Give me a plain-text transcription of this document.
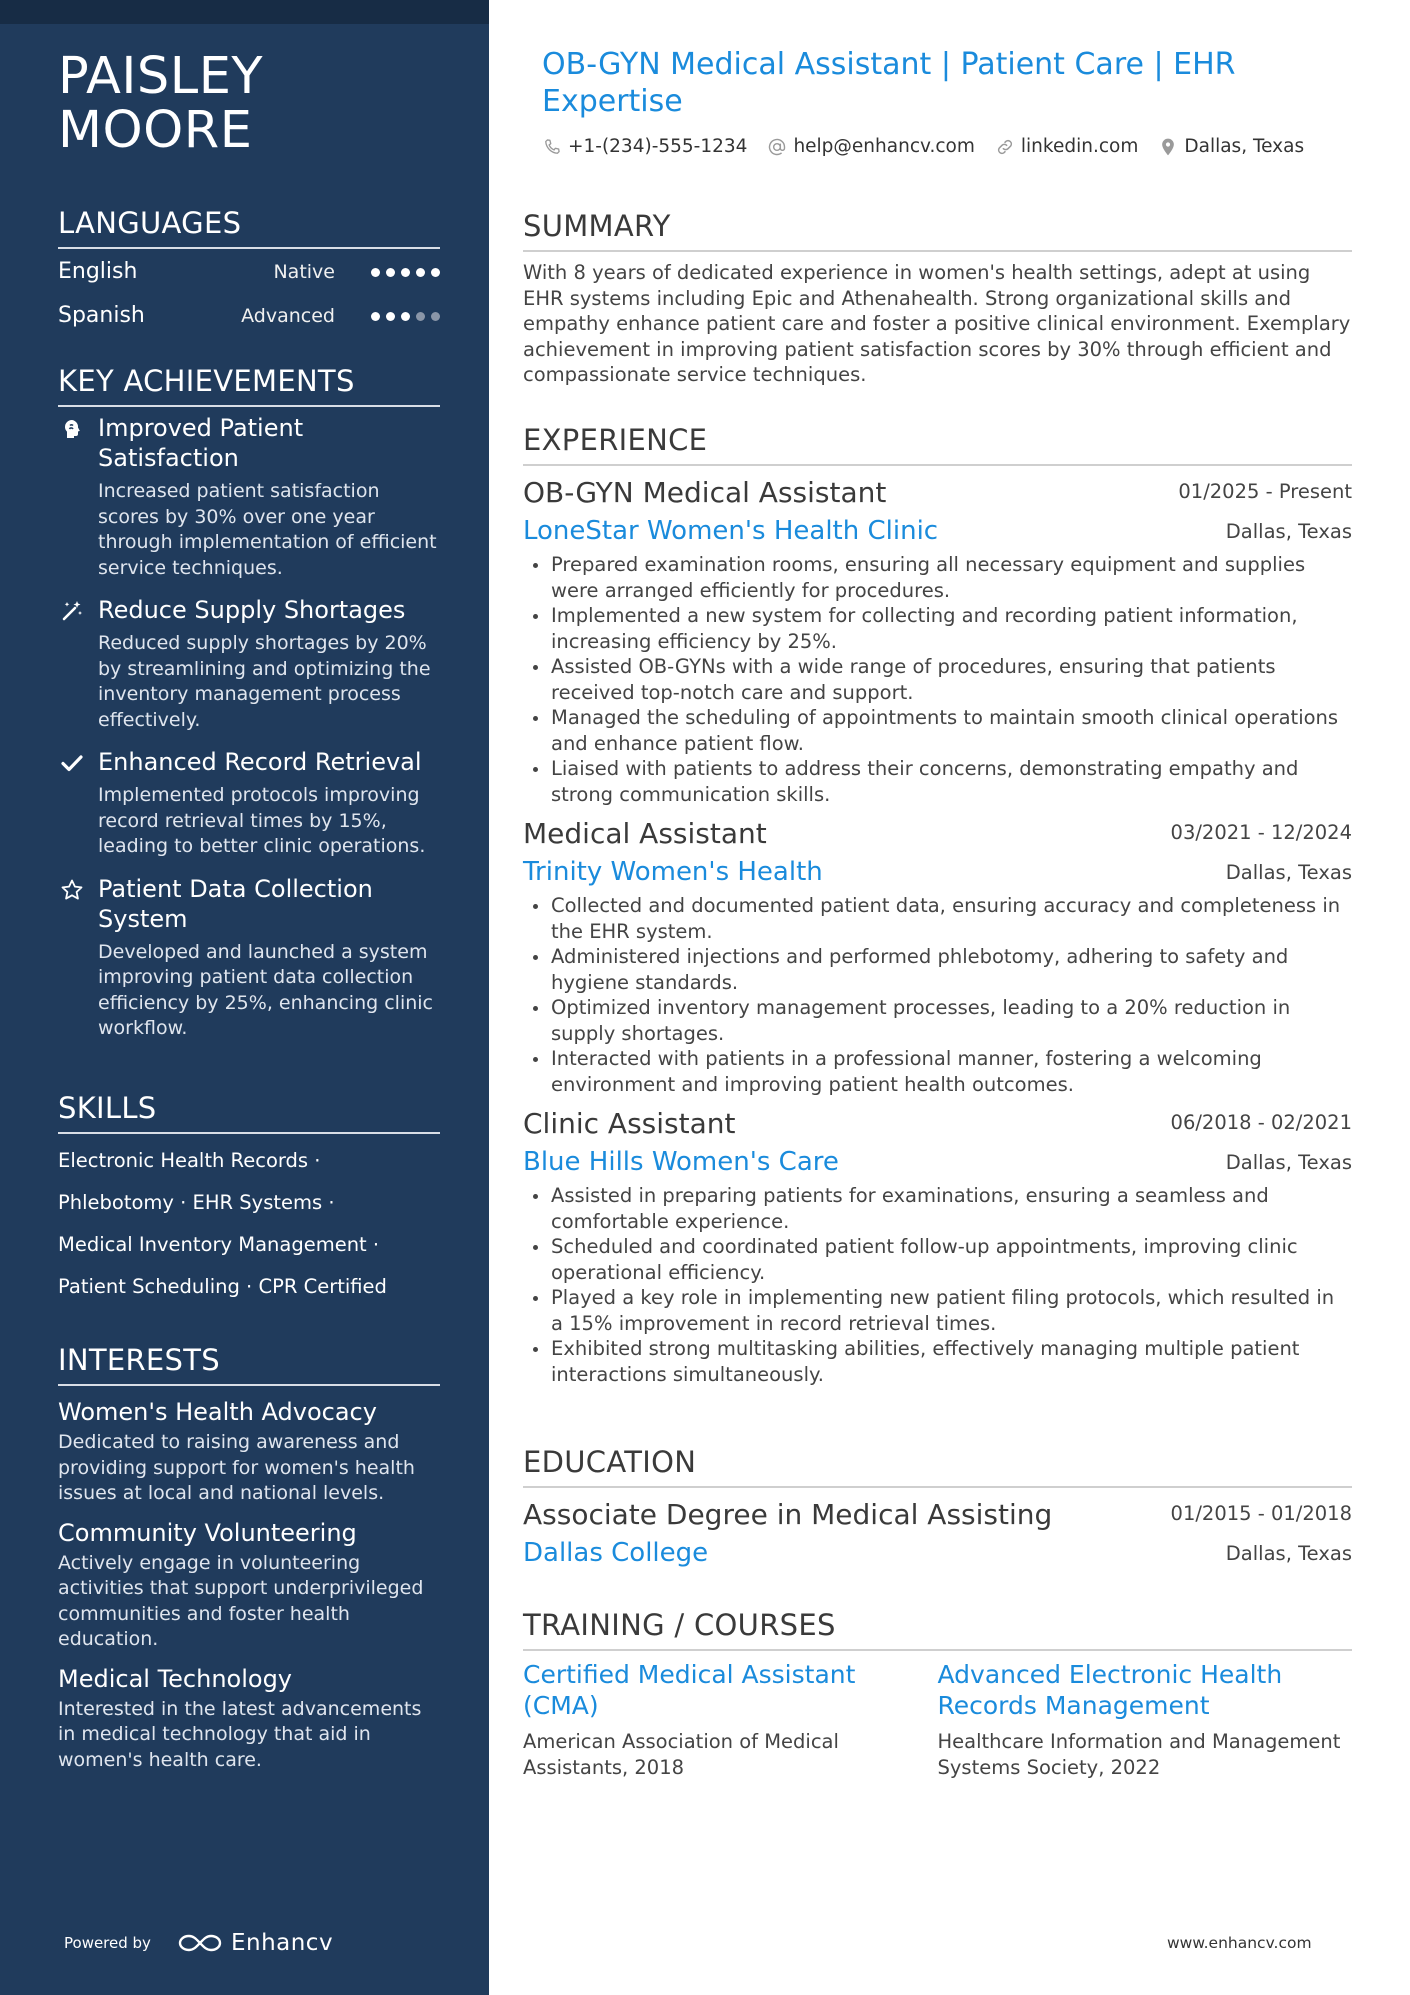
PAISLEY
MOORE
LANGUAGES
English	Native
Spanish	Advanced
KEY ACHIEVEMENTS
Improved Patient Satisfaction
Increased patient satisfaction scores by 30% over one year through implementation of efficient service techniques.
Reduce Supply Shortages
Reduced supply shortages by 20% by streamlining and optimizing the inventory management process effectively.
Enhanced Record Retrieval
Implemented protocols improving record retrieval times by 15%, leading to better clinic operations.
Patient Data Collection System
Developed and launched a system improving patient data collection efficiency by 25%, enhancing clinic workflow.
SKILLS
Electronic Health Records ·
Phlebotomy · EHR Systems ·
Medical Inventory Management ·
Patient Scheduling · CPR Certified
INTERESTS
Women's Health Advocacy
Dedicated to raising awareness and providing support for women's health issues at local and national levels.
Community Volunteering
Actively engage in volunteering activities that support underprivileged communities and foster health education.
Medical Technology
Interested in the latest advancements in medical technology that aid in women's health care.
Powered by	Enhancv
OB-GYN Medical Assistant | Patient Care | EHR Expertise
+1-(234)-555-1234 help@enhancv.com linkedin.com Dallas, Texas
SUMMARY
With 8 years of dedicated experience in women's health settings, adept at using EHR systems including Epic and Athenahealth. Strong organizational skills and empathy enhance patient care and foster a positive clinical environment. Exemplary achievement in improving patient satisfaction scores by 30% through efficient and compassionate service techniques.
EXPERIENCE
OB-GYN Medical Assistant	01/2025 - Present
LoneStar Women's Health Clinic	Dallas, Texas
Prepared examination rooms, ensuring all necessary equipment and supplies were arranged efficiently for procedures.
Implemented a new system for collecting and recording patient information, increasing efficiency by 25%.
Assisted OB-GYNs with a wide range of procedures, ensuring that patients received top-notch care and support.
Managed the scheduling of appointments to maintain smooth clinical operations and enhance patient flow.
Liaised with patients to address their concerns, demonstrating empathy and strong communication skills.
Medical Assistant	03/2021 - 12/2024
Trinity Women's Health	Dallas, Texas
Collected and documented patient data, ensuring accuracy and completeness in the EHR system.
Administered injections and performed phlebotomy, adhering to safety and hygiene standards.
Optimized inventory management processes, leading to a 20% reduction in supply shortages.
Interacted with patients in a professional manner, fostering a welcoming environment and improving patient health outcomes.
Clinic Assistant	06/2018 - 02/2021
Blue Hills Women's Care	Dallas, Texas
Assisted in preparing patients for examinations, ensuring a seamless and comfortable experience.
Scheduled and coordinated patient follow-up appointments, improving clinic operational efficiency.
Played a key role in implementing new patient filing protocols, which resulted in a 15% improvement in record retrieval times.
Exhibited strong multitasking abilities, effectively managing multiple patient interactions simultaneously.
EDUCATION
Associate Degree in Medical Assisting	01/2015 - 01/2018
Dallas College	Dallas, Texas
TRAINING / COURSES
Certified Medical Assistant (CMA)
American Association of Medical Assistants, 2018
Advanced Electronic Health Records Management
Healthcare Information and Management Systems Society, 2022
www.enhancv.com
